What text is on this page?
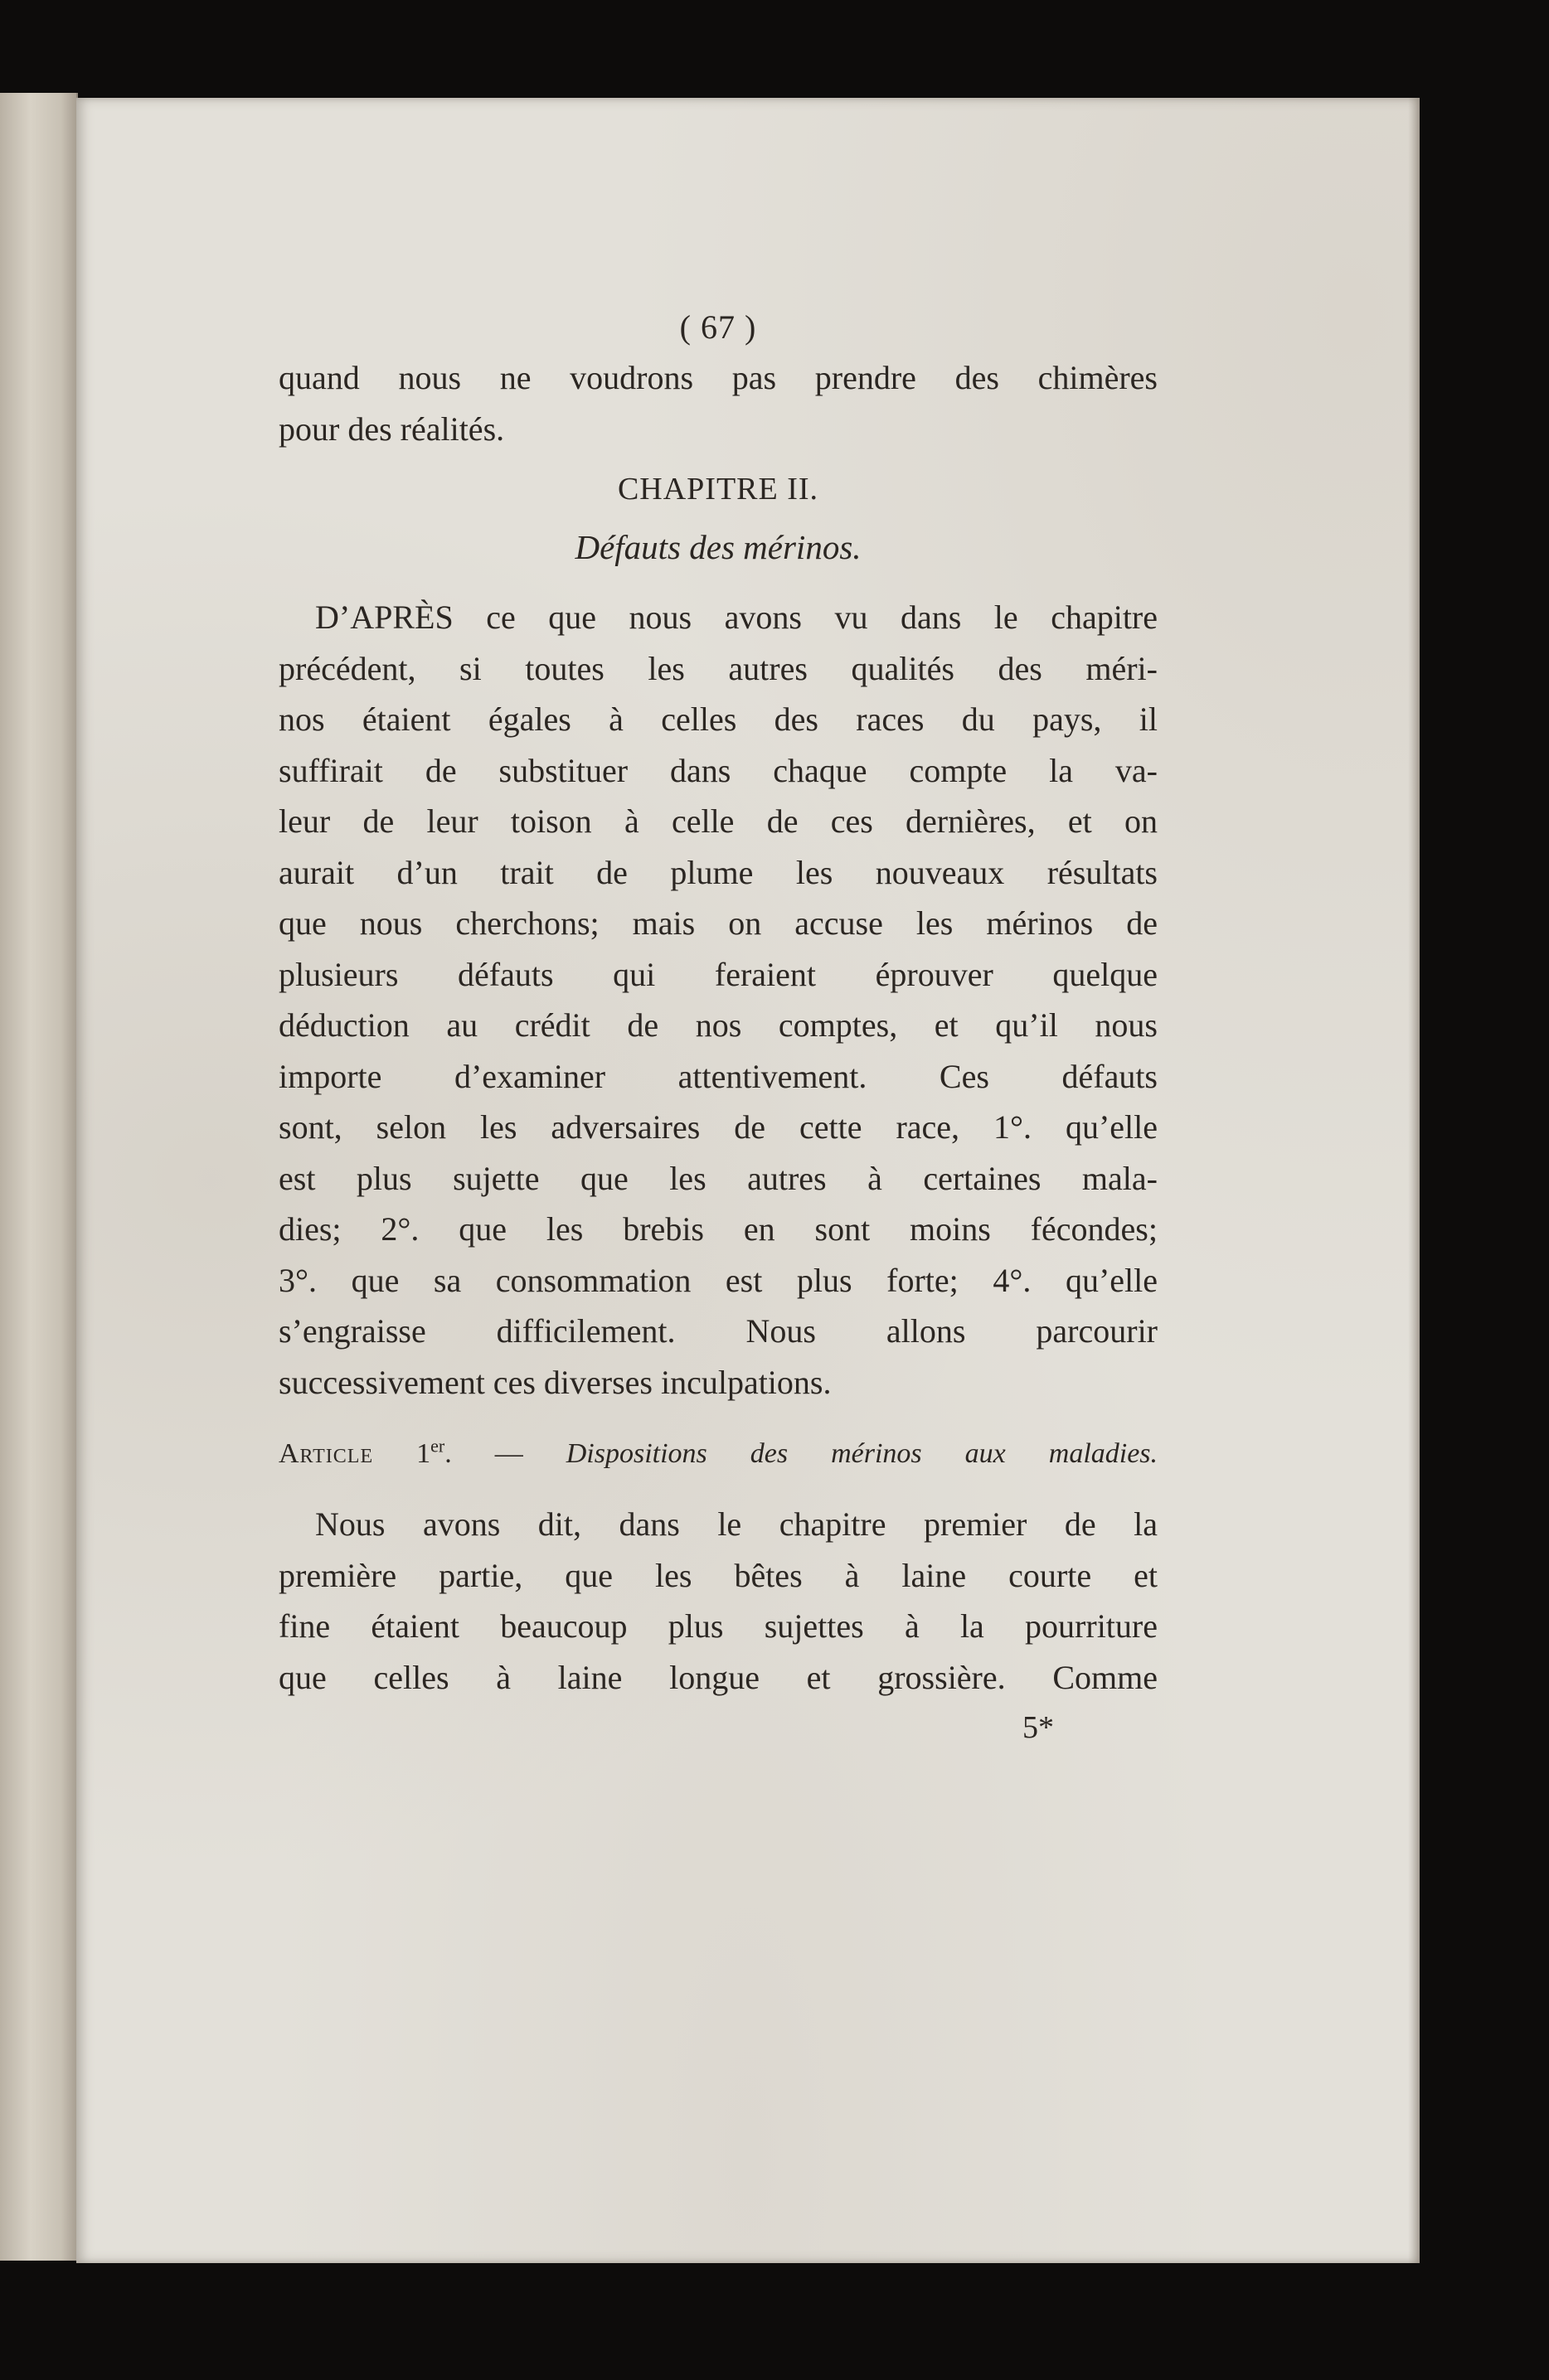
( 67 )
quand nous ne voudrons pas prendre des chimères
pour des réalités.
CHAPITRE II.
Défauts des mérinos.
D’APRÈS ce que nous avons vu dans le chapitre
précédent, si toutes les autres qualités des méri-
nos étaient égales à celles des races du pays, il
suffirait de substituer dans chaque compte la va-
leur de leur toison à celle de ces dernières, et on
aurait d’un trait de plume les nouveaux résultats
que nous cherchons; mais on accuse les mérinos de
plusieurs défauts qui feraient éprouver quelque
déduction au crédit de nos comptes, et qu’il nous
importe d’examiner attentivement. Ces défauts
sont, selon les adversaires de cette race, 1°. qu’elle
est plus sujette que les autres à certaines mala-
dies; 2°. que les brebis en sont moins fécondes;
3°. que sa consommation est plus forte; 4°. qu’elle
s’engraisse difficilement. Nous allons parcourir
successivement ces diverses inculpations.
Article 1er. — Dispositions des mérinos aux maladies.
Nous avons dit, dans le chapitre premier de la
première partie, que les bêtes à laine courte et
fine étaient beaucoup plus sujettes à la pourriture
que celles à laine longue et grossière. Comme
5*
